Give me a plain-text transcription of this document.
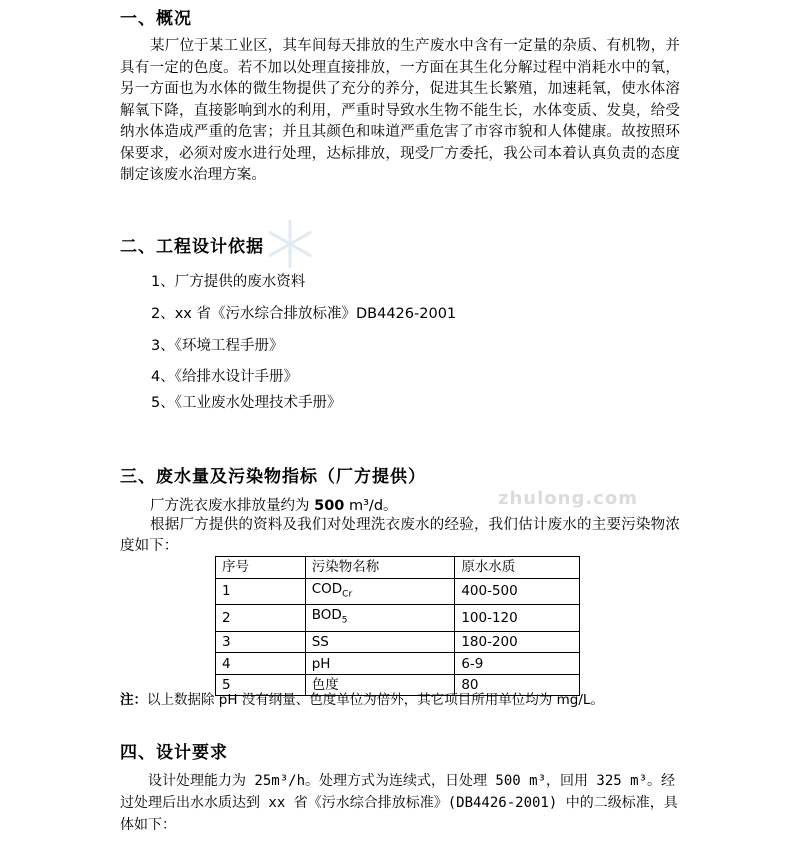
一、概况

某厂位于某工业区，其车间每天排放的生产废水中含有一定量的杂质、有机物，并具有一定的色度。若不加以处理直接排放，一方面在其生化分解过程中消耗水中的氧，另一方面也为水体的微生物提供了充分的养分，促进其生长繁殖，加速耗氧，使水体溶解氧下降，直接影响到水的利用，严重时导致水生物不能生长，水体变质、发臭，给受纳水体造成严重的危害；并且其颜色和味道严重危害了市容市貌和人体健康。故按照环保要求，必须对废水进行处理，达标排放，现受厂方委托，我公司本着认真负责的态度制定该废水治理方案。

二、工程设计依据

1、厂方提供的废水资料

2、xx 省《污水综合排放标准》DB4426-2001

3、《环境工程手册》

4、《给排水设计手册》

5、《工业废水处理技术手册》

三、废水量及污染物指标（厂方提供）
zhulong.com

厂方洗衣废水排放量约为 500 m³/d。

根据厂方提供的资料及我们对处理洗衣废水的经验，我们估计废水的主要污染物浓度如下：

序号	污染物名称	原水水质
1	$COD_{Cr}$	400-500
2	$BOD_5$	100-120
3	SS	180-200
4	pH	6-9
5	色度	80

注：以上数据除 pH 没有纲量、色度单位为倍外，其它项目所用单位均为 mg/L。

四、设计要求

设计处理能力为 25m³/h。处理方式为连续式，日处理 500 m³，回用 325 m³。经过处理后出水水质达到 xx 省《污水综合排放标准》(DB4426-2001) 中的二级标准，具体如下：
